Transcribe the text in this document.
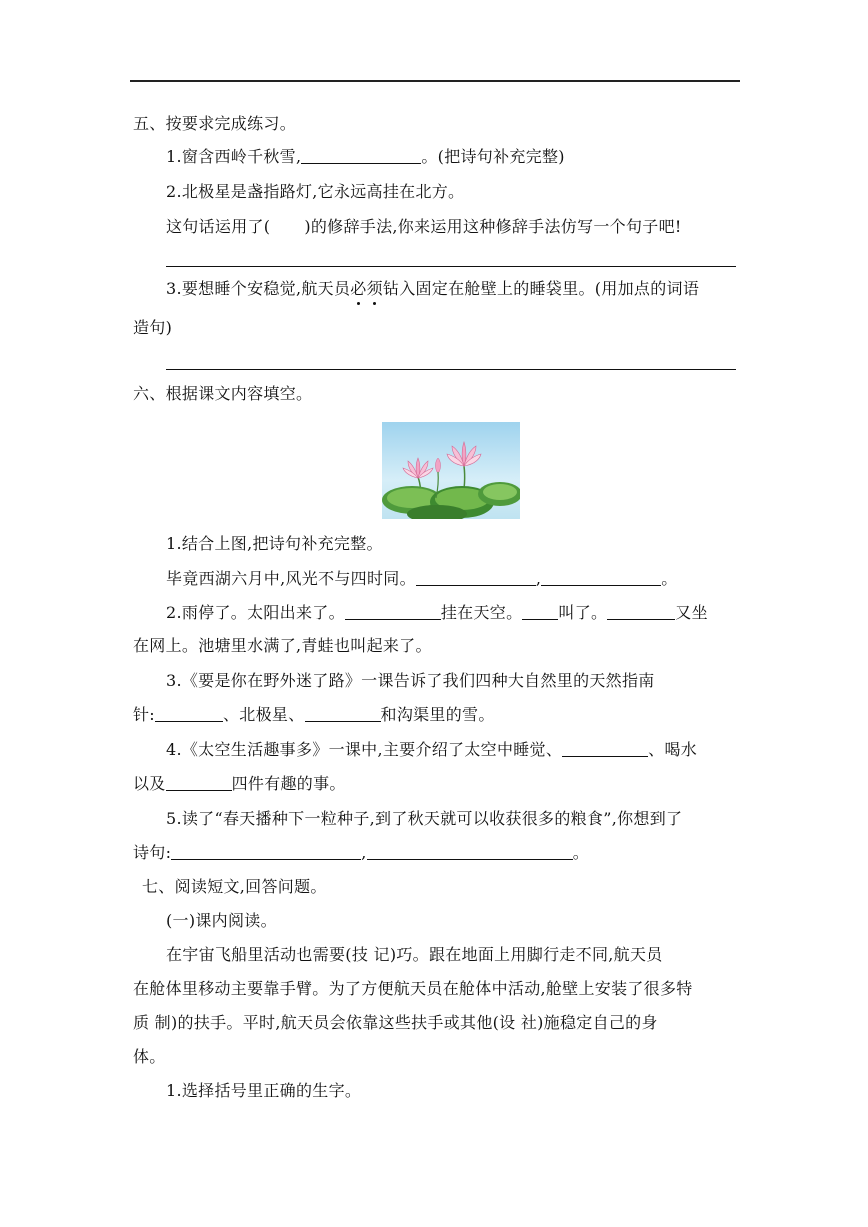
五、按要求完成练习。
1.窗含西岭千秋雪,	。(把诗句补充完整)
2.北极星是盏指路灯,它永远高挂在北方。
这句话运用了( )的修辞手法,你来运用这种修辞手法仿写一个句子吧!
3.要想睡个安稳觉,航天员必须钻入固定在舱壁上的睡袋里。(用加点的词语
造句)
六、根据课文内容填空。
1.结合上图,把诗句补充完整。
毕竟西湖六月中,风光不与四时同。	,	。
2.雨停了。太阳出来了。	挂在天空。 叫了。	又坐
在网上。池塘里水满了,青蛙也叫起来了。
3.《要是你在野外迷了路》一课告诉了我们四种大自然里的天然指南
针:	、北极星、	和沟渠里的雪。
4.《太空生活趣事多》一课中,主要介绍了太空中睡觉、	、喝水
以及	四件有趣的事。
5.读了“春天播种下一粒种子,到了秋天就可以收获很多的粮食”,你想到了
诗句:	,	。
七、阅读短文,回答问题。
(一)课内阅读。
在宇宙飞船里活动也需要(技 记)巧。跟在地面上用脚行走不同,航天员
在舱体里移动主要靠手臂。为了方便航天员在舱体中活动,舱壁上安装了很多特
质 制)的扶手。平时,航天员会依靠这些扶手或其他(设 社)施稳定自己的身
体。
1.选择括号里正确的生字。
